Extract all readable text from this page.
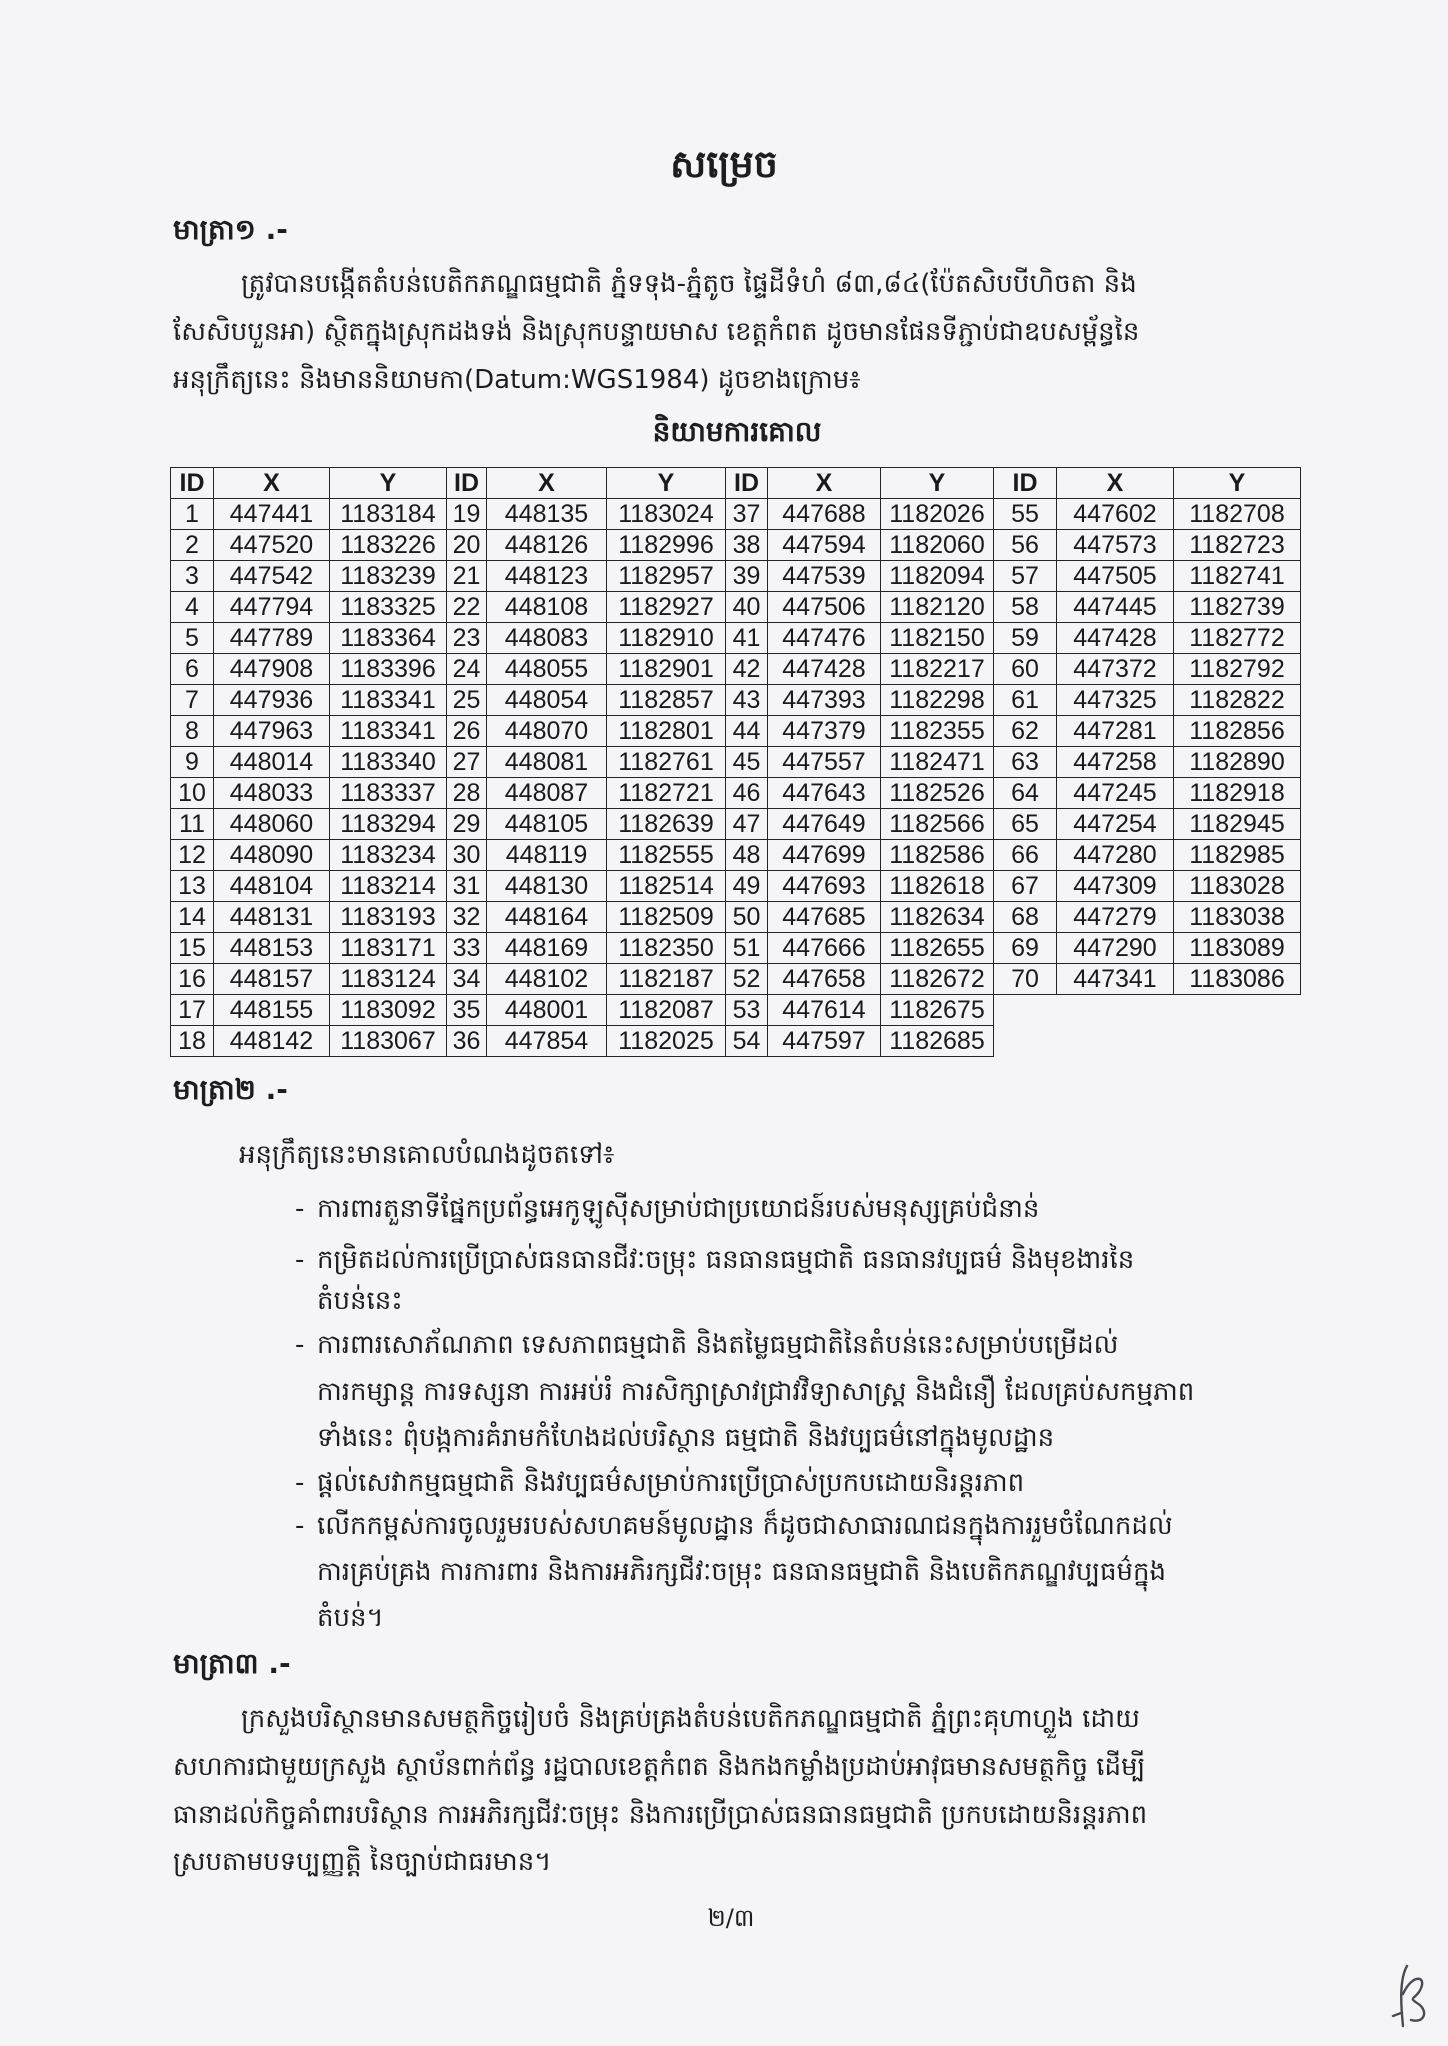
សម្រេច
មាត្រា១ .-
ត្រូវបានបង្កើតតំបន់បេតិកភណ្ឌធម្មជាតិ ភ្នំទទុង-ភ្នំតូច ផ្ទៃដីទំហំ ៨៣,៨៤(ប៉ែតសិបបីហិចតា និង
សែសិបបួនអា) ស្ថិតក្នុងស្រុកដងទង់ និងស្រុកបន្ទាយមាស ខេត្តកំពត ដូចមានផែនទីភ្ជាប់ជាឧបសម្ព័ន្ធនៃ
អនុក្រឹត្យនេះ និងមាននិយាមកា(Datum:WGS1984) ដូចខាងក្រោម៖
និយាមការគោល
ID	X	Y	ID	X	Y	ID	X	Y	ID	X	Y
1	447441	1183184	19	448135	1183024	37	447688	1182026	55	447602	1182708
2	447520	1183226	20	448126	1182996	38	447594	1182060	56	447573	1182723
3	447542	1183239	21	448123	1182957	39	447539	1182094	57	447505	1182741
4	447794	1183325	22	448108	1182927	40	447506	1182120	58	447445	1182739
5	447789	1183364	23	448083	1182910	41	447476	1182150	59	447428	1182772
6	447908	1183396	24	448055	1182901	42	447428	1182217	60	447372	1182792
7	447936	1183341	25	448054	1182857	43	447393	1182298	61	447325	1182822
8	447963	1183341	26	448070	1182801	44	447379	1182355	62	447281	1182856
9	448014	1183340	27	448081	1182761	45	447557	1182471	63	447258	1182890
10	448033	1183337	28	448087	1182721	46	447643	1182526	64	447245	1182918
11	448060	1183294	29	448105	1182639	47	447649	1182566	65	447254	1182945
12	448090	1183234	30	448119	1182555	48	447699	1182586	66	447280	1182985
13	448104	1183214	31	448130	1182514	49	447693	1182618	67	447309	1183028
14	448131	1183193	32	448164	1182509	50	447685	1182634	68	447279	1183038
15	448153	1183171	33	448169	1182350	51	447666	1182655	69	447290	1183089
16	448157	1183124	34	448102	1182187	52	447658	1182672	70	447341	1183086
17	448155	1183092	35	448001	1182087	53	447614	1182675			
18	448142	1183067	36	447854	1182025	54	447597	1182685			
មាត្រា២ .-
អនុក្រឹត្យនេះមានគោលបំណងដូចតទៅ៖
- ការពារតួនាទីផ្នែកប្រព័ន្ធអេកូឡូស៊ីសម្រាប់ជាប្រយោជន៍របស់មនុស្សគ្រប់ជំនាន់
- កម្រិតដល់ការប្រើប្រាស់ធនធានជីវៈចម្រុះ ធនធានធម្មជាតិ ធនធានវប្បធម៌ និងមុខងារនៃ
តំបន់នេះ
- ការពារសោភ័ណភាព ទេសភាពធម្មជាតិ និងតម្លៃធម្មជាតិនៃតំបន់នេះសម្រាប់បម្រើដល់
ការកម្សាន្ត ការទស្សនា ការអប់រំ ការសិក្សាស្រាវជ្រាវវិទ្យាសាស្ត្រ និងជំនឿ ដែលគ្រប់សកម្មភាព
ទាំងនេះ ពុំបង្កការគំរាមកំហែងដល់បរិស្ថាន ធម្មជាតិ និងវប្បធម៌នៅក្នុងមូលដ្ឋាន
- ផ្តល់សេវាកម្មធម្មជាតិ និងវប្បធម៌សម្រាប់ការប្រើប្រាស់ប្រកបដោយនិរន្តរភាព
- លើកកម្ពស់ការចូលរួមរបស់សហគមន៍មូលដ្ឋាន ក៏ដូចជាសាធារណជនក្នុងការរួមចំណែកដល់
ការគ្រប់គ្រង ការការពារ និងការអភិរក្សជីវៈចម្រុះ ធនធានធម្មជាតិ និងបេតិកភណ្ឌវប្បធម៌ក្នុង
តំបន់។
មាត្រា៣ .-
ក្រសួងបរិស្ថានមានសមត្ថកិច្ចរៀបចំ និងគ្រប់គ្រងតំបន់បេតិកភណ្ឌធម្មជាតិ ភ្នំព្រះគុហាហ្លួង ដោយ
សហការជាមួយក្រសួង ស្ថាប័នពាក់ព័ន្ធ រដ្ឋបាលខេត្តកំពត និងកងកម្លាំងប្រដាប់អាវុធមានសមត្ថកិច្ច ដើម្បី
ធានាដល់កិច្ចគាំពារបរិស្ថាន ការអភិរក្សជីវៈចម្រុះ និងការប្រើប្រាស់ធនធានធម្មជាតិ ប្រកបដោយនិរន្តរភាព
ស្របតាមបទប្បញ្ញត្តិ នៃច្បាប់ជាធរមាន។
២/៣
